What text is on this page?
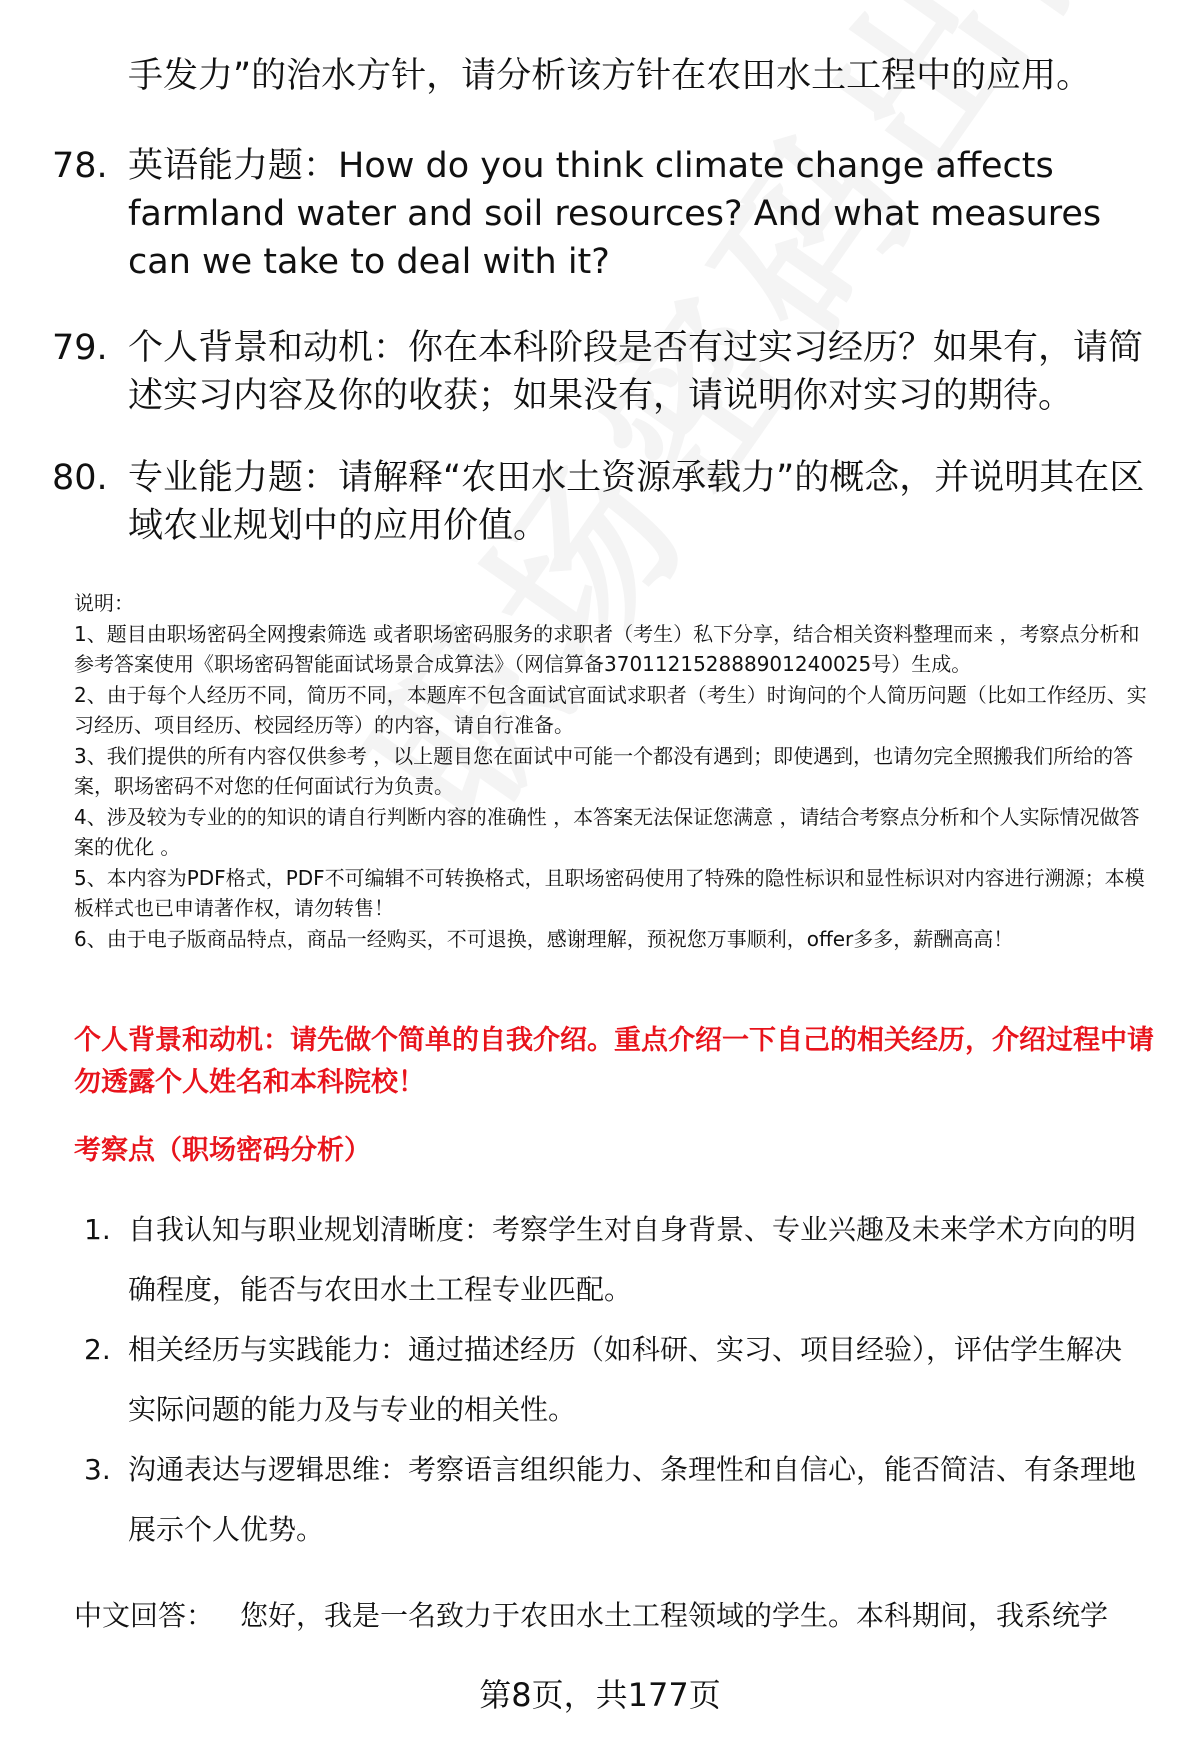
手发力”的治水方针，请分析该方针在农田水土工程中的应用。
78. 英语能力题：How do you think climate change affects farmland water and soil resources? And what measures can we take to deal with it?
79. 个人背景和动机：你在本科阶段是否有过实习经历？如果有，请简述实习内容及你的收获；如果没有，请说明你对实习的期待。
80. 专业能力题：请解释“农田水土资源承载力”的概念，并说明其在区域农业规划中的应用价值。

说明：

1、题目由职场密码全网搜索筛选 或者职场密码服务的求职者（考生）私下分享，结合相关资料整理而来 ，考察点分析和参考答案使用《职场密码智能面试场景合成算法》（网信算备370112152888901240025号）生成。

2、由于每个人经历不同，简历不同，本题库不包含面试官面试求职者（考生）时询问的个人简历问题（比如工作经历、实习经历、项目经历、校园经历等）的内容，请自行准备。

3、我们提供的所有内容仅供参考 ，以上题目您在面试中可能一个都没有遇到；即使遇到，也请勿完全照搬我们所给的答案，职场密码不对您的任何面试行为负责。

4、涉及较为专业的的知识的请自行判断内容的准确性 ，本答案无法保证您满意 ，请结合考察点分析和个人实际情况做答案的优化 。

5、本内容为PDF格式，PDF不可编辑不可转换格式，且职场密码使用了特殊的隐性标识和显性标识对内容进行溯源；本模板样式也已申请著作权，请勿转售！

6、由于电子版商品特点，商品一经购买，不可退换，感谢理解，预祝您万事顺利，offer多多，薪酬高高！

个人背景和动机：请先做个简单的自我介绍。重点介绍一下自己的相关经历，介绍过程中请勿透露个人姓名和本科院校！
考察点（职场密码分析）
1. 自我认知与职业规划清晰度：考察学生对自身背景、专业兴趣及未来学术方向的明确程度，能否与农田水土工程专业匹配。
2. 相关经历与实践能力：通过描述经历（如科研、实习、项目经验），评估学生解决实际问题的能力及与专业的相关性。
3. 沟通表达与逻辑思维：考察语言组织能力、条理性和自信心，能否简洁、有条理地展示个人优势。
中文回答： 您好，我是一名致力于农田水土工程领域的学生。本科期间，我系统学
第8页，共177页
